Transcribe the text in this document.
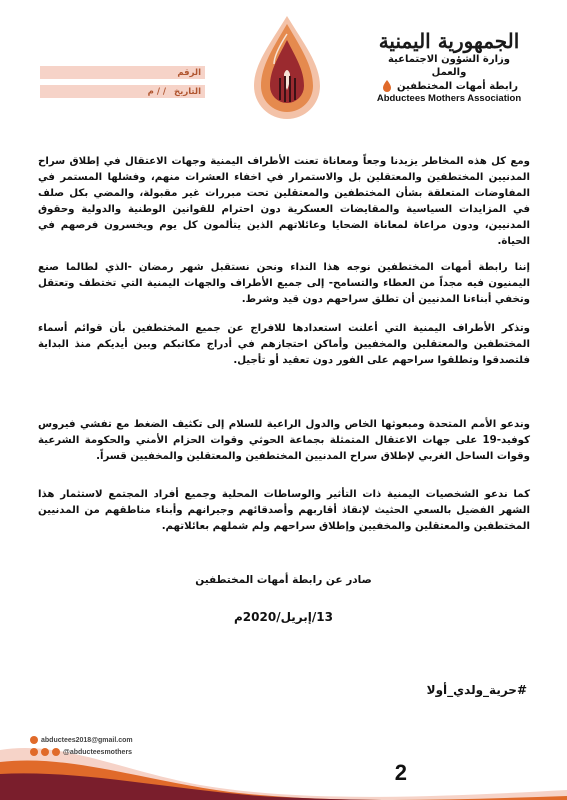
الجمهورية اليمنية
وزارة الشؤون الاجتماعية والعمل
رابطة أمهات المختطفين
Abductees Mothers Association
الرقم
التاريخ
/ / م
ومع كل هذه المخاطر يزيدنا وجعاً ومعاناة تعنت الأطراف اليمنية وجهات الاعتقال في إطلاق سراح المدنيين المختطفين والمعتقلين بل والاستمرار في اخفاء العشرات منهم، وفشلها المستمر في المفاوضات المتعلقة بشأن المختطفين والمعتقلين تحت مبررات غير مقبولة، والمضي بكل صلف في المزايدات السياسية والمقايضات العسكرية دون احترام للقوانين الوطنية والدولية وحقوق المدنيين، ودون مراعاة لمعاناة الضحايا وعائلاتهم الذين يتألمون كل يوم ويخسرون فرصهم في الحياة.
إننا رابطة أمهات المختطفين نوجه هذا النداء ونحن نستقبل شهر رمضان -الذي لطالما صنع اليمنيون فيه مجداً من العطاء والتسامح- إلى جميع الأطراف والجهات اليمنية التي تختطف وتعتقل وتخفي أبناءنا المدنيين أن تطلق سراحهم دون قيد وشرط.
وتذكر الأطراف اليمنية التي أعلنت استعدادها للافراج عن جميع المختطفين بأن قوائم أسماء المختطفين والمعتقلين والمخفيين وأماكن احتجازهم في أدراج مكاتبكم وبين أيديكم منذ البداية فلتصدقوا وتطلقوا سراحهم على الفور دون تعقيد أو تأجيل.
وندعو الأمم المتحدة ومبعوثها الخاص والدول الراعية للسلام إلى تكثيف الضغط مع تفشي فيروس كوفيد-19 على جهات الاعتقال المتمثلة بجماعة الحوثي وقوات الحزام الأمني والحكومة الشرعية وقوات الساحل الغربي لإطلاق سراح المدنيين المختطفين والمعتقلين والمخفيين قسراً.
كما ندعو الشخصيات اليمنية ذات التأثير والوساطات المحلية وجميع أفراد المجتمع لاستثمار هذا الشهر الفضيل بالسعي الحثيث لإنقاذ أقاربهم وأصدقائهم وجيرانهم وأبناء مناطقهم من المدنيين المختطفين والمعتقلين والمخفيين وإطلاق سراحهم ولم شملهم بعائلاتهم.
صادر عن رابطة أمهات المختطفين
13/إبريل/2020م
#حرية_ولدي_أولا
abductees2018@gmail.com
@abducteesmothers
2
